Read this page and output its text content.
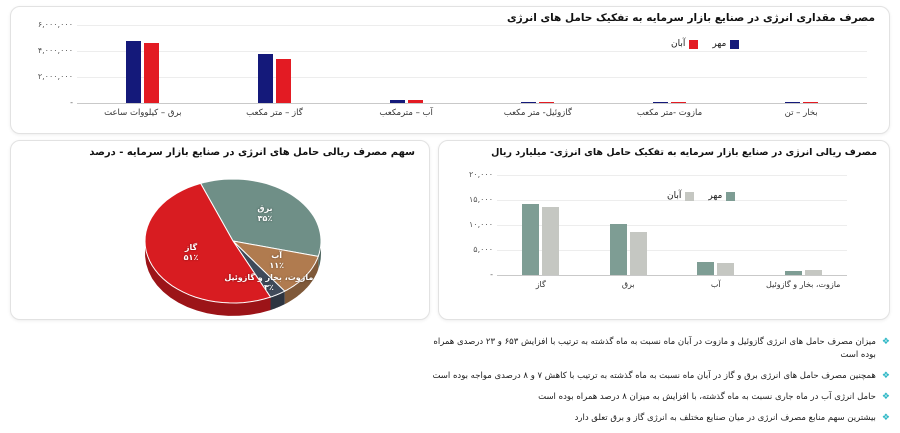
مصرف مقداری انرژی در صنایع بازار سرمایه به تفکیک حامل های انرژی
-
۲,۰۰۰,۰۰۰
۴,۰۰۰,۰۰۰
۶,۰۰۰,۰۰۰
برق – کیلووات ساعت	گاز – متر مکعب	آب – مترمکعب	گازوئیل- متر مکعب	مازوت -متر مکعب	بخار – تن
مهر
آبان
سهم مصرف ریالی حامل های انرژی در صنایع بازار سرمایه - درصد
برق
۳۵٪
آب
۱۱٪
مازوت، بخار و گازوئیل
۳٪
گاز
۵۱٪
مصرف ریالی انرژی در صنایع بازار سرمایه به تفکیک حامل های انرژی- میلیارد ریال
-
۵,۰۰۰
۱۰,۰۰۰
۱۵,۰۰۰
۲۰,۰۰۰
گاز	برق	آب	مازوت، بخار و گازوئیل
مهر
آبان
❖
میزان مصرف حامل های انرژی گازوئیل و مازوت در آبان ماه نسبت به ماه گذشته به ترتیب با افزایش ۶۵۳ و ۲۳ درصدی همراه بوده است
❖
همچنین مصرف حامل های انرژی برق و گاز در آبان ماه نسبت به ماه گذشته به ترتیب با کاهش ۷ و ۸ درصدی مواجه بوده است
❖
حامل انرژی آب در ماه جاری نسبت به ماه گذشته، با افزایش به میزان ۸ درصد همراه بوده است
❖
بیشترین سهم منابع مصرف انرژی در میان صنایع مختلف به انرژی گاز و برق تعلق دارد
